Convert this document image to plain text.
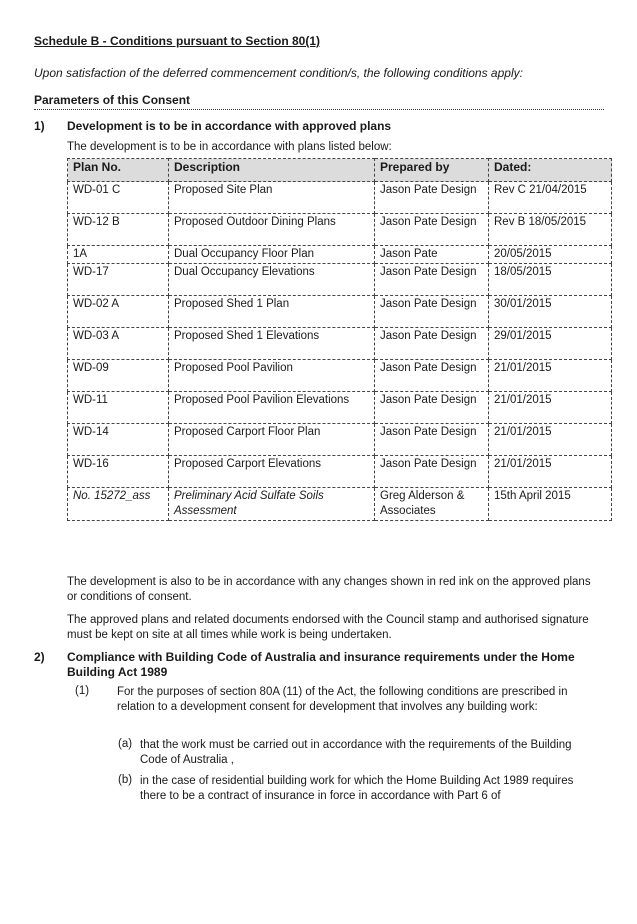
Schedule B - Conditions pursuant to Section 80(1)
Upon satisfaction of the deferred commencement condition/s, the following conditions apply:
Parameters of this Consent
1) Development is to be in accordance with approved plans
The development is to be in accordance with plans listed below:
Plan No.	Description	Prepared by	Dated:
WD-01 C	Proposed Site Plan	Jason Pate Design	Rev C 21/04/2015
WD-12 B	Proposed Outdoor Dining Plans	Jason Pate Design	Rev B 18/05/2015
1A	Dual Occupancy Floor Plan	Jason Pate	20/05/2015
WD-17	Dual Occupancy Elevations	Jason Pate Design	18/05/2015
WD-02 A	Proposed Shed 1 Plan	Jason Pate Design	30/01/2015
WD-03 A	Proposed Shed 1 Elevations	Jason Pate Design	29/01/2015
WD-09	Proposed Pool Pavilion	Jason Pate Design	21/01/2015
WD-11	Proposed Pool Pavilion Elevations	Jason Pate Design	21/01/2015
WD-14	Proposed Carport Floor Plan	Jason Pate Design	21/01/2015
WD-16	Proposed Carport Elevations	Jason Pate Design	21/01/2015
No. 15272_ass	Preliminary Acid Sulfate Soils Assessment	Greg Alderson & Associates	15th April 2015
The development is also to be in accordance with any changes shown in red ink on the approved plans or conditions of consent.
The approved plans and related documents endorsed with the Council stamp and authorised signature must be kept on site at all times while work is being undertaken.
2) Compliance with Building Code of Australia and insurance requirements under the Home Building Act 1989
(1) For the purposes of section 80A (11) of the Act, the following conditions are prescribed in relation to a development consent for development that involves any building work:
(a) that the work must be carried out in accordance with the requirements of the Building Code of Australia ,
(b) in the case of residential building work for which the Home Building Act 1989 requires there to be a contract of insurance in force in accordance with Part 6 of
